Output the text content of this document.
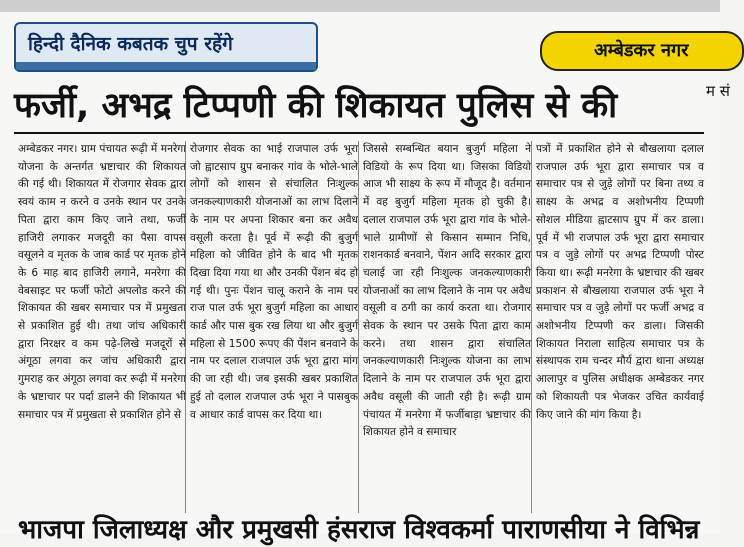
हिन्दी दैनिक कबतक चुप रहेंगे	अम्बेडकर नगर
फर्जी, अभद्र टिप्पणी की शिकायत पुलिस से की	म सं
अम्बेडकर नगर। ग्राम पंचायत रूढ़ी में मनरेगा योजना के अन्तर्गत भ्रष्टाचार की शिकायत की गई थी। शिकायत में रोजगार सेवक द्वारा स्वयं काम न करने व उनके स्थान पर उनके पिता द्वारा काम किए जाने तथा, फर्जी हाजिरी लगाकर मजदूरी का पैसा वापस वसूलने व मृतक के जाब कार्ड पर मृतक होने के 6 माह बाद हाजिरी लगाने, मनरेगा की वेबसाइट पर फर्जी फोटो अपलोड करने की शिकायत की खबर समाचार पत्र में प्रमुखता से प्रकाशित हुई थी। तथा जांच अधिकारी द्वारा निरक्षर व कम पढ़े-लिखे मजदूरों से अंगूठा लगवा कर जांच अधिकारी द्वारा गुमराह कर अंगूठा लगवा कर रूढ़ी में मनरेगा के भ्रष्टाचार पर पर्दा डालने की शिकायत भी समाचार पत्र में प्रमुखता से प्रकाशित होने से
रोजगार सेवक का भाई राजपाल उर्फ भूरा जो ह्वाटसाप ग्रुप बनाकर गांव के भोले-भाले लोगों को शासन से संचालित निःशुल्क जनकल्याणकारी योजनाओं का लाभ दिलाने के नाम पर अपना शिकार बना कर अवैध वसूली करता है। पूर्व में रूढ़ी की बुजुर्ग महिला को जीवित होने के बाद भी मृतक दिखा दिया गया था और उनकी पेंशन बंद हो गई थी। पुनः पेंशन चालू कराने के नाम पर राज पाल उर्फ भूरा बुजुर्ग महिला का आधार कार्ड और पास बुक रख लिया था और बुजुर्ग महिला से 1500 रूपए की पेंशन बनवाने के नाम पर दलाल राजपाल उर्फ भूरा द्वारा मांग की जा रही थी। जब इसकी खबर प्रकाशित हुई तो दलाल राजपाल उर्फ भूरा ने पासबुक व आधार कार्ड वापस कर दिया था।
जिससे सम्बन्धित बयान बुजुर्ग महिला ने विडियो के रूप दिया था। जिसका विडियो आज भी साक्ष्य के रूप में मौजूद है। वर्तमान में वह बुजुर्ग महिला मृतक हो चुकी है। दलाल राजपाल उर्फ भूरा द्वारा गांव के भोले-भाले ग्रामीणों से किसान सम्मान निधि, राशनकार्ड बनवाने, पेंशन आदि सरकार द्वारा चलाई जा रही निःशुल्क जनकल्याणकारी योजनाओं का लाभ दिलाने के नाम पर अवैध वसूली व ठगी का कार्य करता था। रोजगार सेवक के स्थान पर उसके पिता द्वारा काम करने। तथा शासन द्वारा संचालित जनकल्याणकारी निःशुल्क योजना का लाभ दिलाने के नाम पर राजपाल उर्फ भूरा द्वारा अवैध वसूली की जाती रही है। रूढ़ी ग्राम पंचायत में मनरेगा में फर्जीबाड़ा भ्रष्टाचार की शिकायत होने व समाचार
पत्रों में प्रकाशित होने से बौखलाया दलाल राजपाल उर्फ भूरा द्वारा समाचार पत्र व समाचार पत्र से जुड़े लोगों पर बिना तथ्य व साक्ष्य के अभद्र व अशोभनीय टिप्पणी सोशल मीडिया ह्वाटसाप ग्रुप में कर डाला। पूर्व में भी राजपाल उर्फ भूरा द्वारा समाचार पत्र व जुड़े लोगों पर अभद्र टिप्पणी पोस्ट किया था। रूढ़ी मनरेगा के भ्रष्टाचार की खबर प्रकाशन से बौखलाया राजपाल उर्फ भूरा ने समाचार पत्र व जुड़े लोगों पर फर्जी अभद्र व अशोभनीय टिप्पणी कर डाला। जिसकी शिकायत निराला साहित्य समाचार पत्र के संस्थापक राम चन्दर मौर्य द्वारा थाना अध्यक्ष आलापुर व पुलिस अधीक्षक अम्बेडकर नगर को शिकायती पत्र भेजकर उचित कार्यवाई किए जाने की मांग किया है।
भाजपा जिलाध्यक्ष और प्रमुखसी हंसराज विश्वकर्मा पाराणसीया ने विभिन्न
